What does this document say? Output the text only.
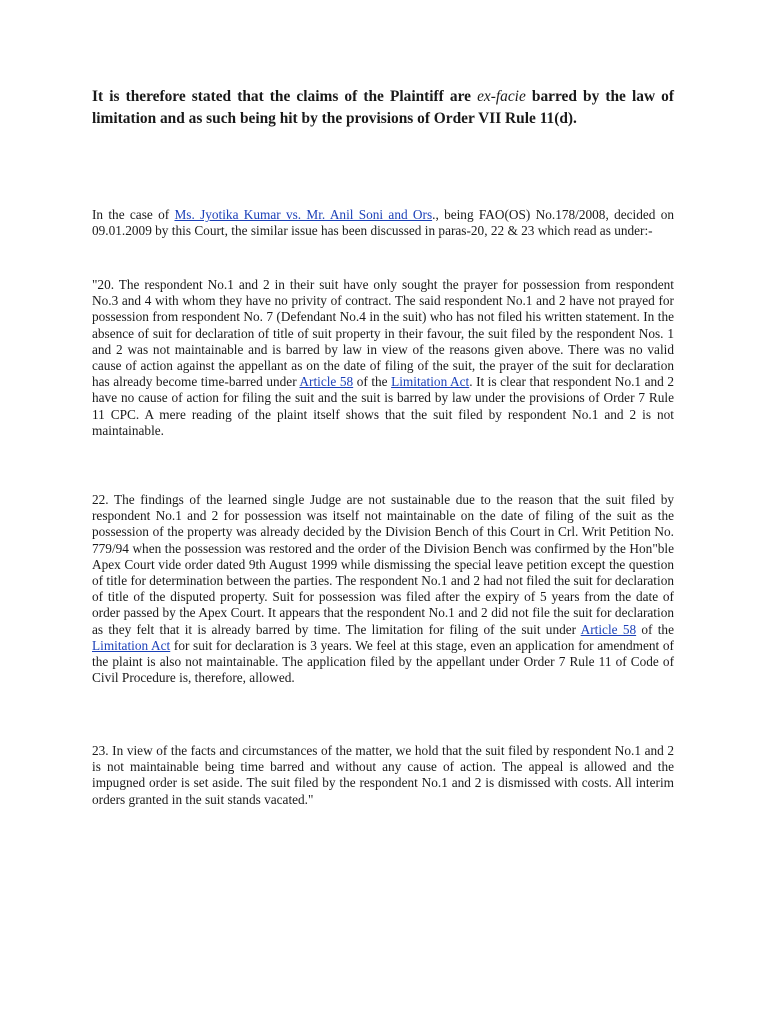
It is therefore stated that the claims of the Plaintiff are ex-facie barred by the law of limitation and as such being hit by the provisions of Order VII Rule 11(d).

In the case of Ms. Jyotika Kumar vs. Mr. Anil Soni and Ors., being FAO(OS) No.178/2008, decided on 09.01.2009 by this Court, the similar issue has been discussed in paras-20, 22 & 23 which read as under:-

"20. The respondent No.1 and 2 in their suit have only sought the prayer for possession from respondent No.3 and 4 with whom they have no privity of contract. The said respondent No.1 and 2 have not prayed for possession from respondent No. 7 (Defendant No.4 in the suit) who has not filed his written statement. In the absence of suit for declaration of title of suit property in their favour, the suit filed by the respondent Nos. 1 and 2 was not maintainable and is barred by law in view of the reasons given above. There was no valid cause of action against the appellant as on the date of filing of the suit, the prayer of the suit for declaration has already become time-barred under Article 58 of the Limitation Act. It is clear that respondent No.1 and 2 have no cause of action for filing the suit and the suit is barred by law under the provisions of Order 7 Rule 11 CPC. A mere reading of the plaint itself shows that the suit filed by respondent No.1 and 2 is not maintainable.

22. The findings of the learned single Judge are not sustainable due to the reason that the suit filed by respondent No.1 and 2 for possession was itself not maintainable on the date of filing of the suit as the possession of the property was already decided by the Division Bench of this Court in Crl. Writ Petition No. 779/94 when the possession was restored and the order of the Division Bench was confirmed by the Hon"ble Apex Court vide order dated 9th August 1999 while dismissing the special leave petition except the question of title for determination between the parties. The respondent No.1 and 2 had not filed the suit for declaration of title of the disputed property. Suit for possession was filed after the expiry of 5 years from the date of order passed by the Apex Court. It appears that the respondent No.1 and 2 did not file the suit for declaration as they felt that it is already barred by time. The limitation for filing of the suit under Article 58 of the Limitation Act for suit for declaration is 3 years. We feel at this stage, even an application for amendment of the plaint is also not maintainable. The application filed by the appellant under Order 7 Rule 11 of Code of Civil Procedure is, therefore, allowed.

23. In view of the facts and circumstances of the matter, we hold that the suit filed by respondent No.1 and 2 is not maintainable being time barred and without any cause of action. The appeal is allowed and the impugned order is set aside. The suit filed by the respondent No.1 and 2 is dismissed with costs. All interim orders granted in the suit stands vacated."
